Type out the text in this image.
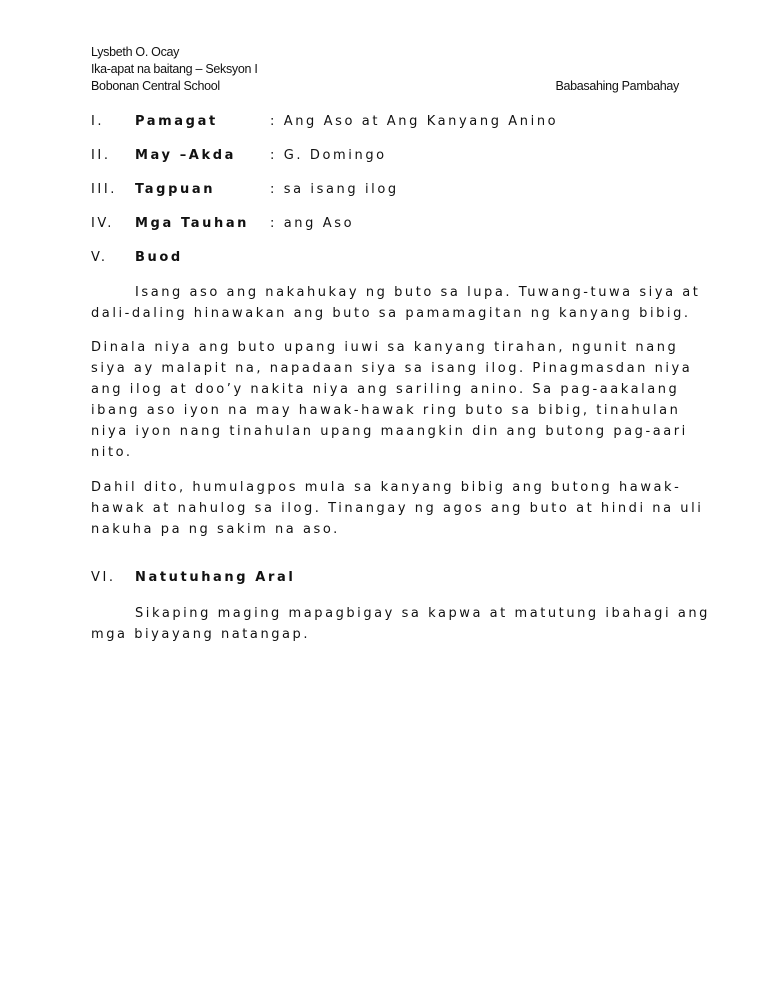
Lysbeth O. Ocay
Ika-apat na baitang – Seksyon I
Bobonan Central School	Babasahing Pambahay
I. Pamagat	: Ang Aso at Ang Kanyang Anino
II. May –Akda	: G. Domingo
III. Tagpuan	: sa isang ilog
IV. Mga Tauhan : ang Aso
V. Buod

Isang aso ang nakahukay ng buto sa lupa. Tuwang-tuwa siya at
dali-daling hinawakan ang buto sa pamamagitan ng kanyang bibig.

Dinala niya ang buto upang iuwi sa kanyang tirahan, ngunit nang
siya ay malapit na, napadaan siya sa isang ilog. Pinagmasdan niya
ang ilog at doo’y nakita niya ang sariling anino. Sa pag-aakalang
ibang aso iyon na may hawak-hawak ring buto sa bibig, tinahulan
niya iyon nang tinahulan upang maangkin din ang butong pag-aari
nito.

Dahil dito, humulagpos mula sa kanyang bibig ang butong hawak-
hawak at nahulog sa ilog. Tinangay ng agos ang buto at hindi na uli
nakuha pa ng sakim na aso.

VI. Natutuhang Aral

Sikaping maging mapagbigay sa kapwa at matutung ibahagi ang
mga biyayang natangap.
